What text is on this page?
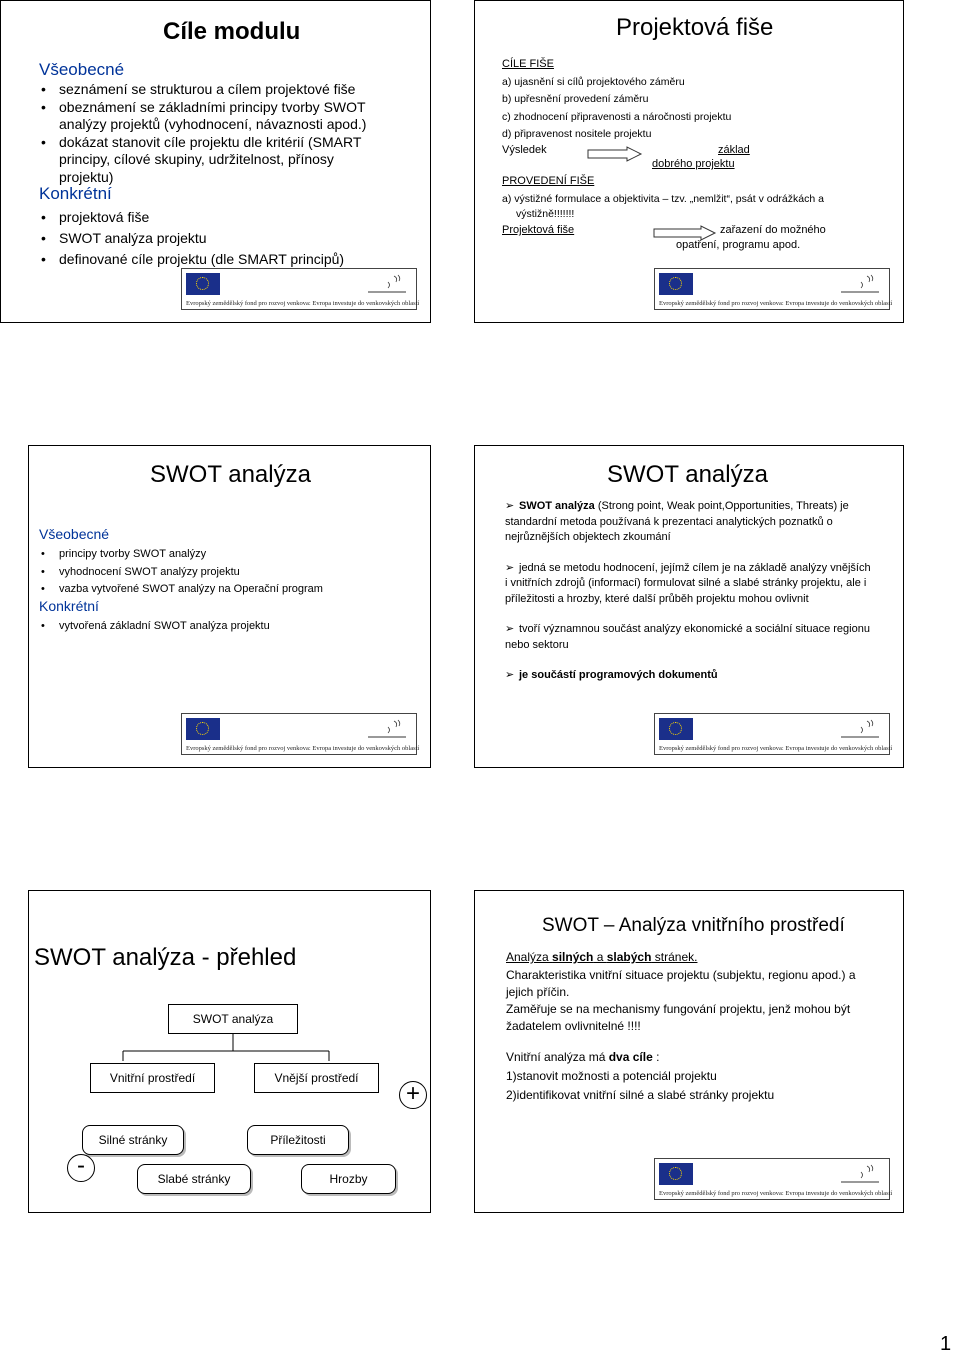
Cíle modulu
Všeobecné
• seznámení se strukturou a cílem projektové fiše
• obeznámení se základními principy tvorby SWOT analýzy projektů (vyhodnocení, návaznosti apod.)
• dokázat stanovit cíle projektu dle kritérií (SMART principy, cílové skupiny, udržitelnost, přínosy projektu)
Konkrétní
• projektová fiše
• SWOT analýza projektu
• definované cíle projektu (dle SMART principů)
Evropský zemědělský fond pro rozvoj venkova: Evropa investuje do venkovských oblastí
Projektová fiše
CÍLE FIŠE
a) ujasnění si cílů projektového záměru
b) upřesnění provedení záměru
c) zhodnocení připravenosti a náročnosti projektu
d) připravenost nositele projektu
Výsledek	základ
dobrého projektu
PROVEDENÍ FIŠE
a) výstižné formulace a objektivita – tzv. „nemlžit“, psát v odrážkách a
výstižně!!!!!!!
Projektová fiše	zařazení do možného
opatření, programu apod.
Evropský zemědělský fond pro rozvoj venkova: Evropa investuje do venkovských oblastí
SWOT analýza
Všeobecné
• principy tvorby SWOT analýzy
• vyhodnocení SWOT analýzy projektu
• vazba vytvořené SWOT analýzy na Operační program
Konkrétní
• vytvořená základní SWOT analýza projektu
Evropský zemědělský fond pro rozvoj venkova: Evropa investuje do venkovských oblastí
SWOT analýza
➢ SWOT analýza (Strong point, Weak point,Opportunities, Threats) je standardní metoda používaná k prezentaci analytických poznatků o nejrůznějších objektech zkoumání
➢ jedná se metodu hodnocení, jejímž cílem je na základě analýzy vnějších i vnitřních zdrojů (informací) formulovat silné a slabé stránky projektu, ale i příležitosti a hrozby, které další průběh projektu mohou ovlivnit
➢ tvoří významnou součást analýzy ekonomické a sociální situace regionu nebo sektoru
➢ je součástí programových dokumentů
Evropský zemědělský fond pro rozvoj venkova: Evropa investuje do venkovských oblastí
SWOT analýza - přehled
SWOT analýza
Vnitřní prostředí	Vnější prostředí
Silné stránky	Příležitosti
Slabé stránky	Hrozby
+
-
SWOT – Analýza vnitřního prostředí
Analýza silných a slabých stránek.
Charakteristika vnitřní situace projektu (subjektu, regionu apod.) a jejich příčin.
Zaměřuje se na mechanismy fungování projektu, jenž mohou být žadatelem ovlivnitelné !!!!
Vnitřní analýza má dva cíle :
1)stanovit možnosti a potenciál projektu
2)identifikovat vnitřní silné a slabé stránky projektu
Evropský zemědělský fond pro rozvoj venkova: Evropa investuje do venkovských oblastí
1
